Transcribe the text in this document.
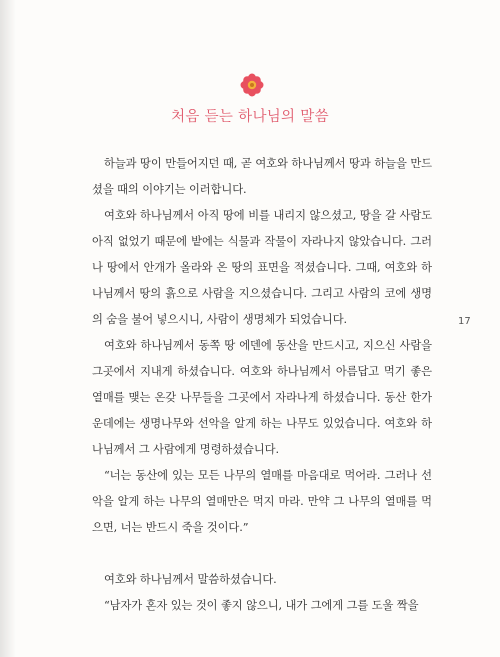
처음 듣는 하나님의 말씀

하늘과 땅이 만들어지던 때, 곧 여호와 하나님께서 땅과 하늘을 만드셨을 때의 이야기는 이러합니다.

여호와 하나님께서 아직 땅에 비를 내리지 않으셨고, 땅을 갈 사람도 아직 없었기 때문에 밭에는 식물과 작물이 자라나지 않았습니다. 그러나 땅에서 안개가 올라와 온 땅의 표면을 적셨습니다. 그때, 여호와 하나님께서 땅의 흙으로 사람을 지으셨습니다. 그리고 사람의 코에 생명의 숨을 불어 넣으시니, 사람이 생명체가 되었습니다.

여호와 하나님께서 동쪽 땅 에덴에 동산을 만드시고, 지으신 사람을 그곳에서 지내게 하셨습니다. 여호와 하나님께서 아름답고 먹기 좋은 열매를 맺는 온갖 나무들을 그곳에서 자라나게 하셨습니다. 동산 한가운데에는 생명나무와 선악을 알게 하는 나무도 있었습니다. 여호와 하나님께서 그 사람에게 명령하셨습니다.

“너는 동산에 있는 모든 나무의 열매를 마음대로 먹어라. 그러나 선악을 알게 하는 나무의 열매만은 먹지 마라. 만약 그 나무의 열매를 먹으면, 너는 반드시 죽을 것이다.”

여호와 하나님께서 말씀하셨습니다.

“남자가 혼자 있는 것이 좋지 않으니, 내가 그에게 그를 도울 짝을

17
